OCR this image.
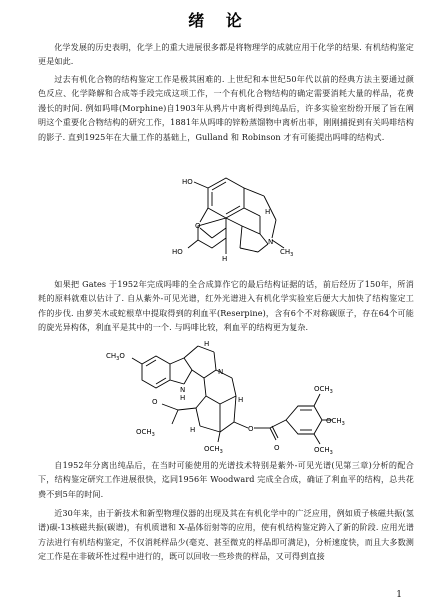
绪 论

化学发展的历史表明，化学上的重大进展很多都是将物理学的成就应用于化学的结果. 有机结构鉴定更是如此.

过去有机化合物的结构鉴定工作是极其困难的. 上世纪和本世纪50年代以前的经典方法主要通过颜色反应、化学降解和合成等手段完成这项工作，一个有机化合物结构的确定需要消耗大量的样品，花费漫长的时间. 例如吗啡(Morphine)自1903年从鸦片中离析得到纯品后，许多实验室纷纷开展了旨在阐明这个重要化合物结构的研究工作，1881年从吗啡的锌粉蒸馏物中离析出菲，刚刚捕捉到有关吗啡结构的影子. 直到1925年在大量工作的基础上，Gulland 和 Robinson 才有可能提出吗啡的结构式.

HO
O
HO
H
H
N
$CH_3$

如果把 Gates 于1952年完成吗啡的全合成算作它的最后结构证据的话，前后经历了150年，所消耗的原料就难以估计了. 自从紫外-可见光谱，红外光谱进入有机化学实验室后便大大加快了结构鉴定工作的步伐. 由萝芙木或蛇根草中提取得到的利血平(Reserpine)，含有6个不对称碳原子，存在64个可能的旋光异构体，利血平是其中的一个. 与吗啡比较，利血平的结构更为复杂.

$CH_3O$
N
H
H
N
H
H
O
$OCH_3$
O
$OCH_3$	O
$OCH_3$
$OCH_3$
$OCH_3$

自1952年分离出纯品后，在当时可能使用的光谱技术特别是紫外-可见光谱(见第三章)分析的配合下，结构鉴定研究工作进展很快，迄同1956年 Woodward 完成全合成，确证了利血平的结构，总共花费不到5年的时间.

近30年来，由于新技术和新型物理仪器的出现及其在有机化学中的广泛应用，例如质子核磁共振(氢谱)碳-13核磁共振(碳谱)，有机质谱和 X-晶体衍射等的应用，使有机结构鉴定跨入了新的阶段. 应用光谱方法进行有机结构鉴定，不仅消耗样品少(毫克、甚至微克的样品即可满足)，分析速度快，而且大多数测定工作是在非破坏性过程中进行的，既可以回收一些珍贵的样品，又可得到直接

1
